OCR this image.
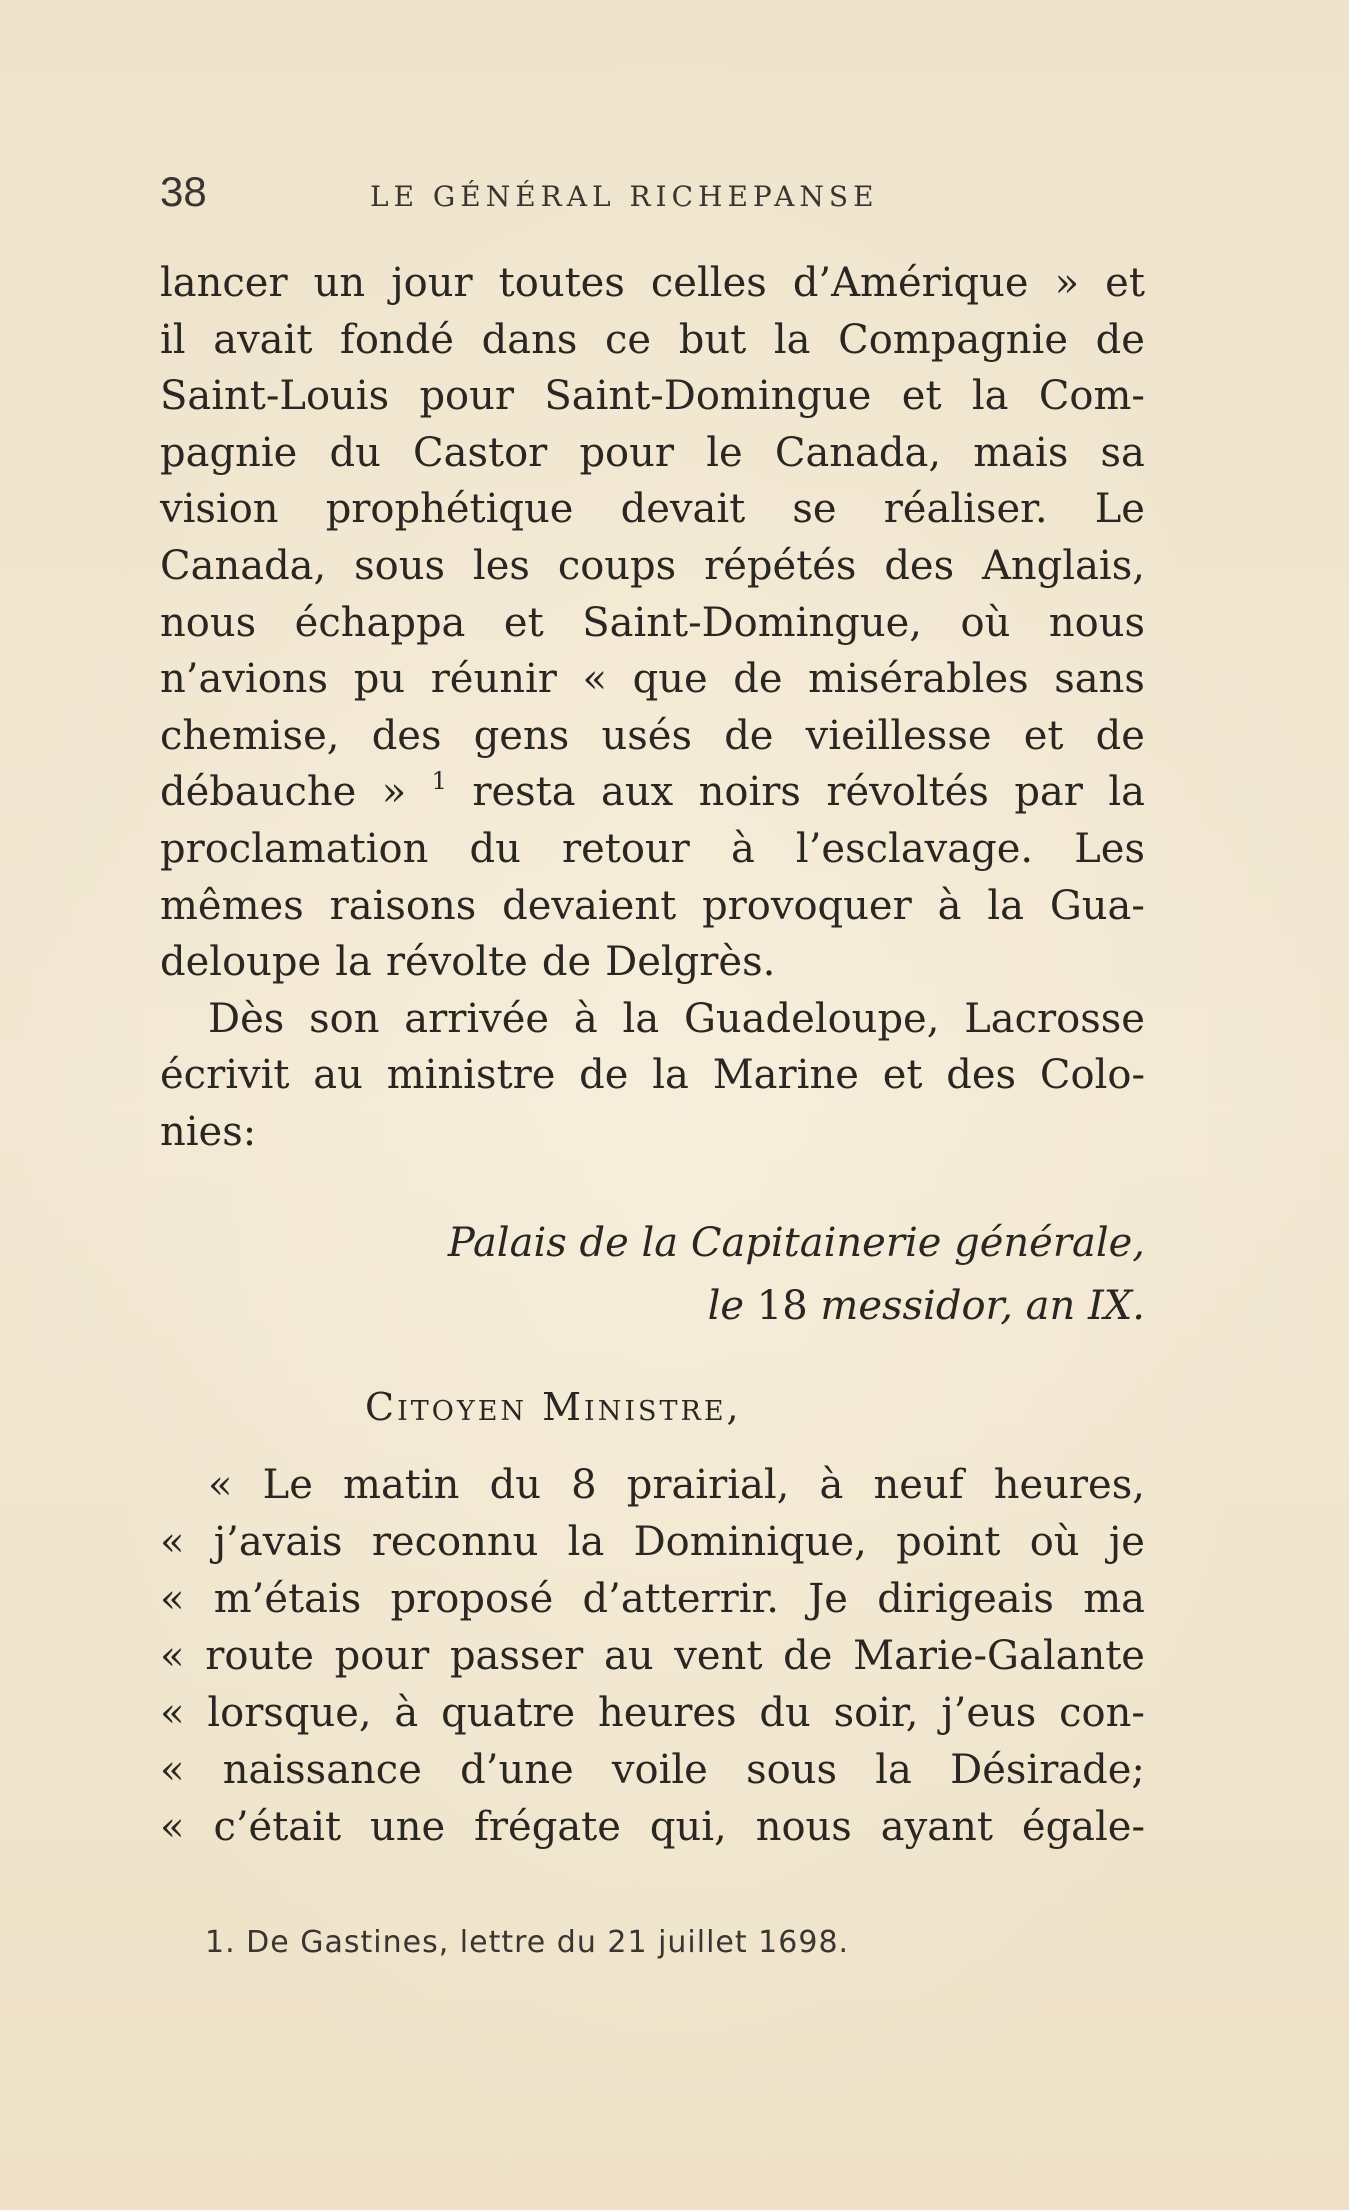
38	LE GÉNÉRAL RICHEPANSE
lancer un jour toutes celles d’Amérique » et
il avait fondé dans ce but la Compagnie de
Saint-Louis pour Saint-Domingue et la Com-
pagnie du Castor pour le Canada, mais sa
vision prophétique devait se réaliser. Le
Canada, sous les coups répétés des Anglais,
nous échappa et Saint-Domingue, où nous
n’avions pu réunir « que de misérables sans
chemise, des gens usés de vieillesse et de
débauche » $^1$ resta aux noirs révoltés par la
proclamation du retour à l’esclavage. Les
mêmes raisons devaient provoquer à la Gua-
deloupe la révolte de Delgrès.
Dès son arrivée à la Guadeloupe, Lacrosse
écrivit au ministre de la Marine et des Colo-
nies:
Palais de la Capitainerie générale,
le 18 messidor, an IX.
Citoyen Ministre,
« Le matin du 8 prairial, à neuf heures,
« j’avais reconnu la Dominique, point où je
« m’étais proposé d’atterrir. Je dirigeais ma
« route pour passer au vent de Marie-Galante
« lorsque, à quatre heures du soir, j’eus con-
« naissance d’une voile sous la Désirade;
« c’était une frégate qui, nous ayant égale-
1. De Gastines, lettre du 21 juillet 1698.
